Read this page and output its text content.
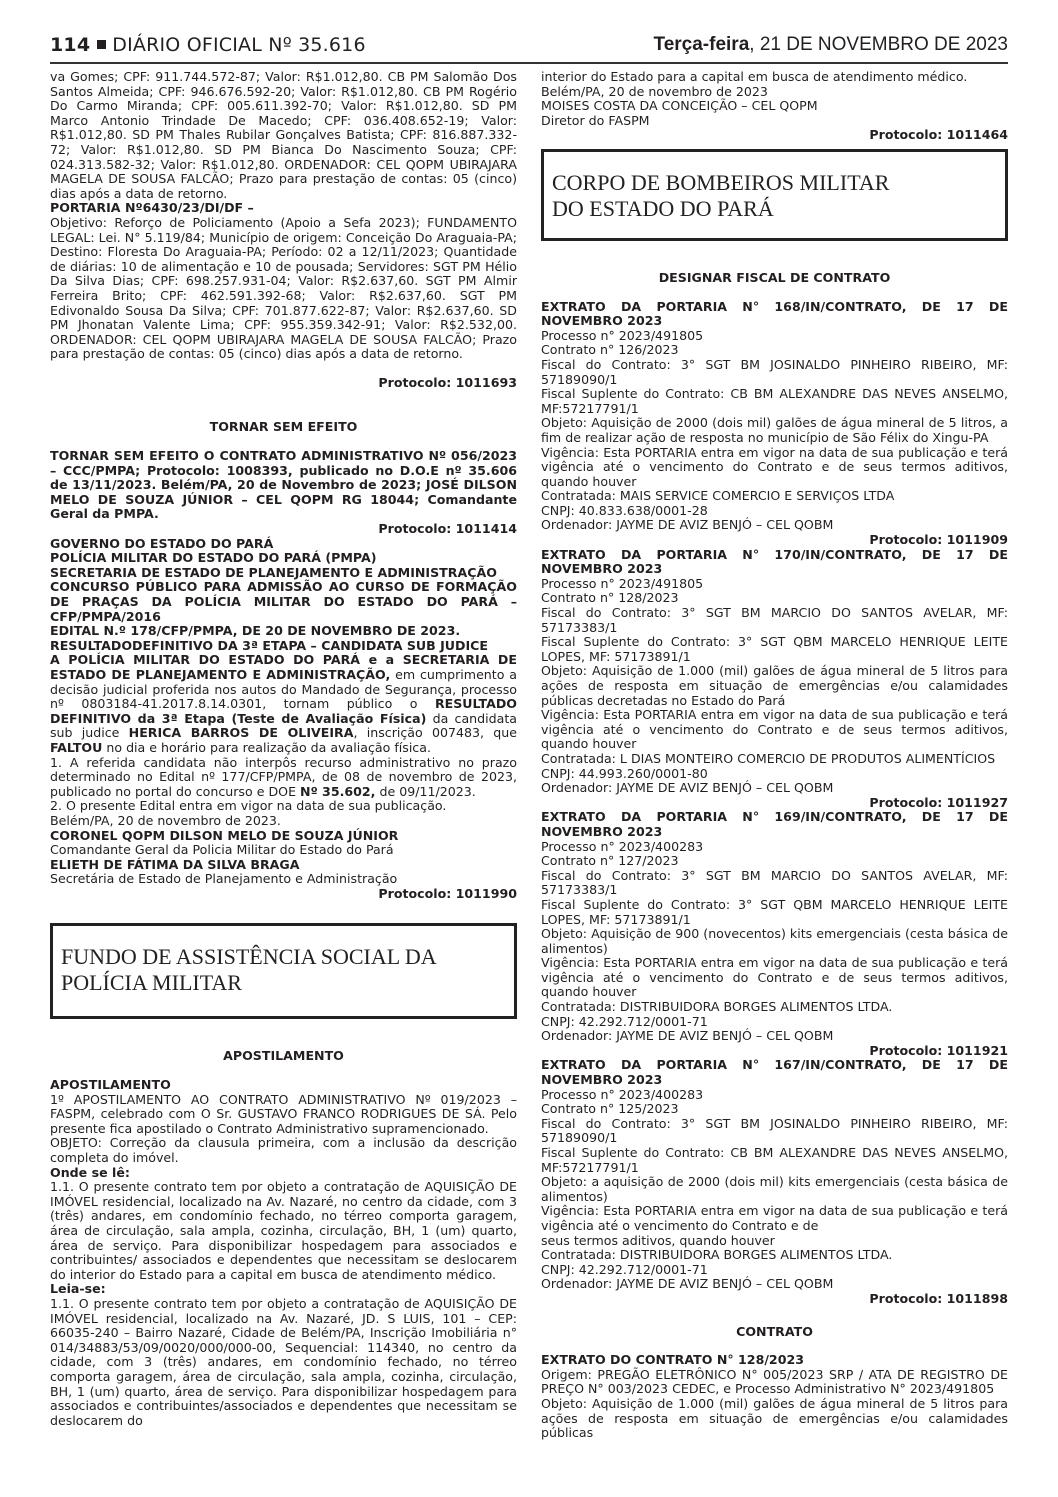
114 DIÁRIO OFICIAL Nº 35.616	Terça-feira, 21 DE NOVEMBRO DE 2023

va Gomes; CPF: 911.744.572-87; Valor: R$1.012,80. CB PM Salomão Dos Santos Almeida; CPF: 946.676.592-20; Valor: R$1.012,80. CB PM Rogério Do Carmo Miranda; CPF: 005.611.392-70; Valor: R$1.012,80. SD PM Marco Antonio Trindade De Macedo; CPF: 036.408.652-19; Valor: R$1.012,80. SD PM Thales Rubilar Gonçalves Batista; CPF: 816.887.332-72; Valor: R$1.012,80. SD PM Bianca Do Nascimento Souza; CPF: 024.313.582-32; Valor: R$1.012,80. ORDENADOR: CEL QOPM UBIRAJARA MAGELA DE SOUSA FALCÃO; Prazo para prestação de contas: 05 (cinco) dias após a data de retorno.

PORTARIA Nº6430/23/DI/DF –

Objetivo: Reforço de Policiamento (Apoio a Sefa 2023); FUNDAMENTO LEGAL: Lei. N° 5.119/84; Município de origem: Conceição Do Araguaia-PA; Destino: Floresta Do Araguaia-PA; Período: 02 a 12/11/2023; Quantidade de diárias: 10 de alimentação e 10 de pousada; Servidores: SGT PM Hélio Da Silva Dias; CPF: 698.257.931-04; Valor: R$2.637,60. SGT PM Almir Ferreira Brito; CPF: 462.591.392-68; Valor: R$2.637,60. SGT PM Edivonaldo Sousa Da Silva; CPF: 701.877.622-87; Valor: R$2.637,60. SD PM Jhonatan Valente Lima; CPF: 955.359.342-91; Valor: R$2.532,00. ORDENADOR: CEL QOPM UBIRAJARA MAGELA DE SOUSA FALCÃO; Prazo para prestação de contas: 05 (cinco) dias após a data de retorno.

Protocolo: 1011693

TORNAR SEM EFEITO

TORNAR SEM EFEITO O CONTRATO ADMINISTRATIVO Nº 056/2023 – CCC/PMPA; Protocolo: 1008393, publicado no D.O.E nº 35.606 de 13/11/2023. Belém/PA, 20 de Novembro de 2023; JOSÉ DILSON MELO DE SOUZA JÚNIOR – CEL QOPM RG 18044; Comandante Geral da PMPA.

Protocolo: 1011414

GOVERNO DO ESTADO DO PARÁ

POLÍCIA MILITAR DO ESTADO DO PARÁ (PMPA)

SECRETARIA DE ESTADO DE PLANEJAMENTO E ADMINISTRAÇÃO

CONCURSO PÚBLICO PARA ADMISSÃO AO CURSO DE FORMAÇÃO DE PRAÇAS DA POLÍCIA MILITAR DO ESTADO DO PARÁ – CFP/PMPA/2016

EDITAL N.º 178/CFP/PMPA, DE 20 DE NOVEMBRO DE 2023.

RESULTADODEFINITIVO DA 3ª ETAPA – CANDIDATA SUB JUDICE

A POLÍCIA MILITAR DO ESTADO DO PARÁ e a SECRETARIA DE ESTADO DE PLANEJAMENTO E ADMINISTRAÇÃO, em cumprimento a decisão judicial proferida nos autos do Mandado de Segurança, processo nº 0803184-41.2017.8.14.0301, tornam público o RESULTADO DEFINITIVO da 3ª Etapa (Teste de Avaliação Física) da candidata sub judice HERICA BARROS DE OLIVEIRA, inscrição 007483, que FALTOU no dia e horário para realização da avaliação física.

1. A referida candidata não interpôs recurso administrativo no prazo determinado no Edital nº 177/CFP/PMPA, de 08 de novembro de 2023, publicado no portal do concurso e DOE Nº 35.602, de 09/11/2023.

2. O presente Edital entra em vigor na data de sua publicação.

Belém/PA, 20 de novembro de 2023.

CORONEL QOPM DILSON MELO DE SOUZA JÚNIOR

Comandante Geral da Policia Militar do Estado do Pará

ELIETH DE FÁTIMA DA SILVA BRAGA

Secretária de Estado de Planejamento e Administração

Protocolo: 1011990

FUNDO DE ASSISTÊNCIA SOCIAL DA
POLÍCIA MILITAR

APOSTILAMENTO

APOSTILAMENTO

1º APOSTILAMENTO AO CONTRATO ADMINISTRATIVO Nº 019/2023 – FASPM, celebrado com O Sr. GUSTAVO FRANCO RODRIGUES DE SÁ. Pelo presente fica apostilado o Contrato Administrativo supramencionado.

OBJETO: Correção da clausula primeira, com a inclusão da descrição completa do imóvel.

Onde se lê:

1.1. O presente contrato tem por objeto a contratação de AQUISIÇÃO DE IMÓVEL residencial, localizado na Av. Nazaré, no centro da cidade, com 3 (três) andares, em condomínio fechado, no térreo comporta garagem, área de circulação, sala ampla, cozinha, circulação, BH, 1 (um) quarto, área de serviço. Para disponibilizar hospedagem para associados e contribuintes/ associados e dependentes que necessitam se deslocarem do interior do Estado para a capital em busca de atendimento médico.

Leia-se:

1.1. O presente contrato tem por objeto a contratação de AQUISIÇÃO DE IMÓVEL residencial, localizado na Av. Nazaré, JD. S LUIS, 101 – CEP: 66035-240 – Bairro Nazaré, Cidade de Belém/PA, Inscrição Imobiliária n° 014/34883/53/09/0020/000/000-00, Sequencial: 114340, no centro da cidade, com 3 (três) andares, em condomínio fechado, no térreo comporta garagem, área de circulação, sala ampla, cozinha, circulação, BH, 1 (um) quarto, área de serviço. Para disponibilizar hospedagem para associados e contribuintes/associados e dependentes que necessitam se deslocarem do

interior do Estado para a capital em busca de atendimento médico.

Belém/PA, 20 de novembro de 2023

MOISES COSTA DA CONCEIÇÃO – CEL QOPM

Diretor do FASPM

Protocolo: 1011464

CORPO DE BOMBEIROS MILITAR
DO ESTADO DO PARÁ

DESIGNAR FISCAL DE CONTRATO

EXTRATO DA PORTARIA N° 168/IN/CONTRATO, DE 17 DE NOVEMBRO 2023

Processo n° 2023/491805

Contrato n° 126/2023

Fiscal do Contrato: 3° SGT BM JOSINALDO PINHEIRO RIBEIRO, MF: 57189090/1

Fiscal Suplente do Contrato: CB BM ALEXANDRE DAS NEVES ANSELMO, MF:57217791/1

Objeto: Aquisição de 2000 (dois mil) galões de água mineral de 5 litros, a fim de realizar ação de resposta no município de São Félix do Xingu-PA

Vigência: Esta PORTARIA entra em vigor na data de sua publicação e terá vigência até o vencimento do Contrato e de seus termos aditivos, quando houver

Contratada: MAIS SERVICE COMERCIO E SERVIÇOS LTDA

CNPJ: 40.833.638/0001-28

Ordenador: JAYME DE AVIZ BENJÓ – CEL QOBM

Protocolo: 1011909

EXTRATO DA PORTARIA N° 170/IN/CONTRATO, DE 17 DE NOVEMBRO 2023

Processo n° 2023/491805

Contrato n° 128/2023

Fiscal do Contrato: 3° SGT BM MARCIO DO SANTOS AVELAR, MF: 57173383/1

Fiscal Suplente do Contrato: 3° SGT QBM MARCELO HENRIQUE LEITE LOPES, MF: 57173891/1

Objeto: Aquisição de 1.000 (mil) galões de água mineral de 5 litros para ações de resposta em situação de emergências e/ou calamidades públicas decretadas no Estado do Pará

Vigência: Esta PORTARIA entra em vigor na data de sua publicação e terá vigência até o vencimento do Contrato e de seus termos aditivos, quando houver

Contratada: L DIAS MONTEIRO COMERCIO DE PRODUTOS ALIMENTÍCIOS

CNPJ: 44.993.260/0001-80

Ordenador: JAYME DE AVIZ BENJÓ – CEL QOBM

Protocolo: 1011927

EXTRATO DA PORTARIA N° 169/IN/CONTRATO, DE 17 DE NOVEMBRO 2023

Processo n° 2023/400283

Contrato n° 127/2023

Fiscal do Contrato: 3° SGT BM MARCIO DO SANTOS AVELAR, MF: 57173383/1

Fiscal Suplente do Contrato: 3° SGT QBM MARCELO HENRIQUE LEITE LOPES, MF: 57173891/1

Objeto: Aquisição de 900 (novecentos) kits emergenciais (cesta básica de alimentos)

Vigência: Esta PORTARIA entra em vigor na data de sua publicação e terá vigência até o vencimento do Contrato e de seus termos aditivos, quando houver

Contratada: DISTRIBUIDORA BORGES ALIMENTOS LTDA.

CNPJ: 42.292.712/0001-71

Ordenador: JAYME DE AVIZ BENJÓ – CEL QOBM

Protocolo: 1011921

EXTRATO DA PORTARIA N° 167/IN/CONTRATO, DE 17 DE NOVEMBRO 2023

Processo n° 2023/400283

Contrato n° 125/2023

Fiscal do Contrato: 3° SGT BM JOSINALDO PINHEIRO RIBEIRO, MF: 57189090/1

Fiscal Suplente do Contrato: CB BM ALEXANDRE DAS NEVES ANSELMO, MF:57217791/1

Objeto: a aquisição de 2000 (dois mil) kits emergenciais (cesta básica de alimentos)

Vigência: Esta PORTARIA entra em vigor na data de sua publicação e terá vigência até o vencimento do Contrato e de

seus termos aditivos, quando houver

Contratada: DISTRIBUIDORA BORGES ALIMENTOS LTDA.

CNPJ: 42.292.712/0001-71

Ordenador: JAYME DE AVIZ BENJÓ – CEL QOBM

Protocolo: 1011898

CONTRATO

EXTRATO DO CONTRATO N° 128/2023

Origem: PREGÃO ELETRÔNICO N° 005/2023 SRP / ATA DE REGISTRO DE PREÇO N° 003/2023 CEDEC, e Processo Administrativo N° 2023/491805

Objeto: Aquisição de 1.000 (mil) galões de água mineral de 5 litros para ações de resposta em situação de emergências e/ou calamidades públicas
